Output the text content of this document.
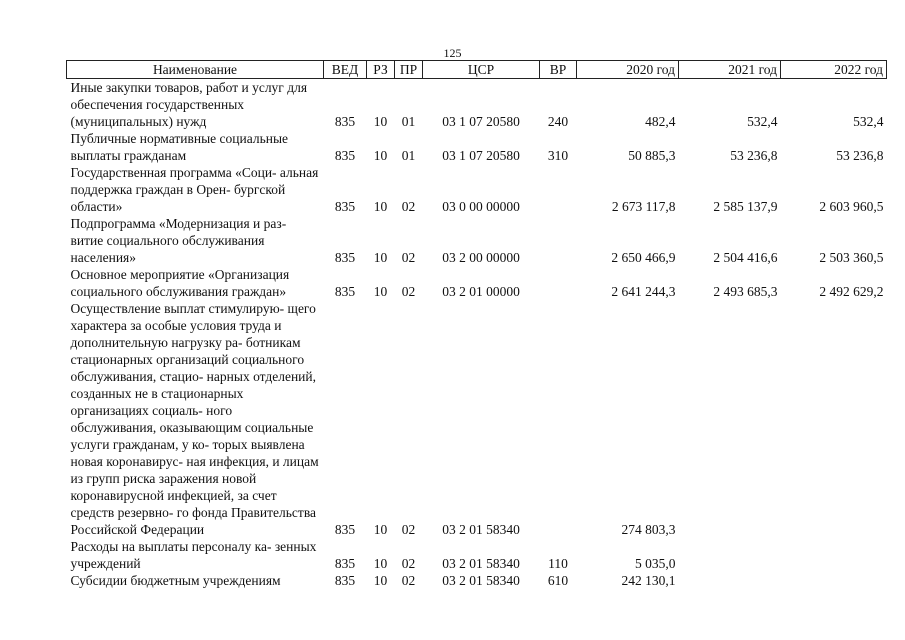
125
Наименование	ВЕД	РЗ	ПР	ЦСР	ВР	2020 год	2021 год	2022 год
Иные закупки товаров, работ и услуг для обеспечения государственных (муниципальных) нужд	835	10	01	03 1 07 20580	240	482,4	532,4	532,4
Публичные нормативные социальные выплаты гражданам	835	10	01	03 1 07 20580	310	50 885,3	53 236,8	53 236,8
Государственная программа «Соци- альная поддержка граждан в Орен- бургской области»	835	10	02	03 0 00 00000		2 673 117,8	2 585 137,9	2 603 960,5
Подпрограмма «Модернизация и раз- витие социального обслуживания населения»	835	10	02	03 2 00 00000		2 650 466,9	2 504 416,6	2 503 360,5
Основное мероприятие «Организация социального обслуживания граждан»	835	10	02	03 2 01 00000		2 641 244,3	2 493 685,3	2 492 629,2
Осуществление выплат стимулирую- щего характера за особые условия труда и дополнительную нагрузку ра- ботникам стационарных организаций социального обслуживания, стацио- нарных отделений, созданных не в стационарных организациях социаль- ного обслуживания, оказывающим социальные услуги гражданам, у ко- торых выявлена новая коронавирус- ная инфекция, и лицам из групп риска заражения новой коронавирусной инфекцией, за счет средств резервно- го фонда Правительства Российской Федерации	835	10	02	03 2 01 58340		274 803,3		
Расходы на выплаты персоналу ка- зенных учреждений	835	10	02	03 2 01 58340	110	5 035,0		
Субсидии бюджетным учреждениям	835	10	02	03 2 01 58340	610	242 130,1		
